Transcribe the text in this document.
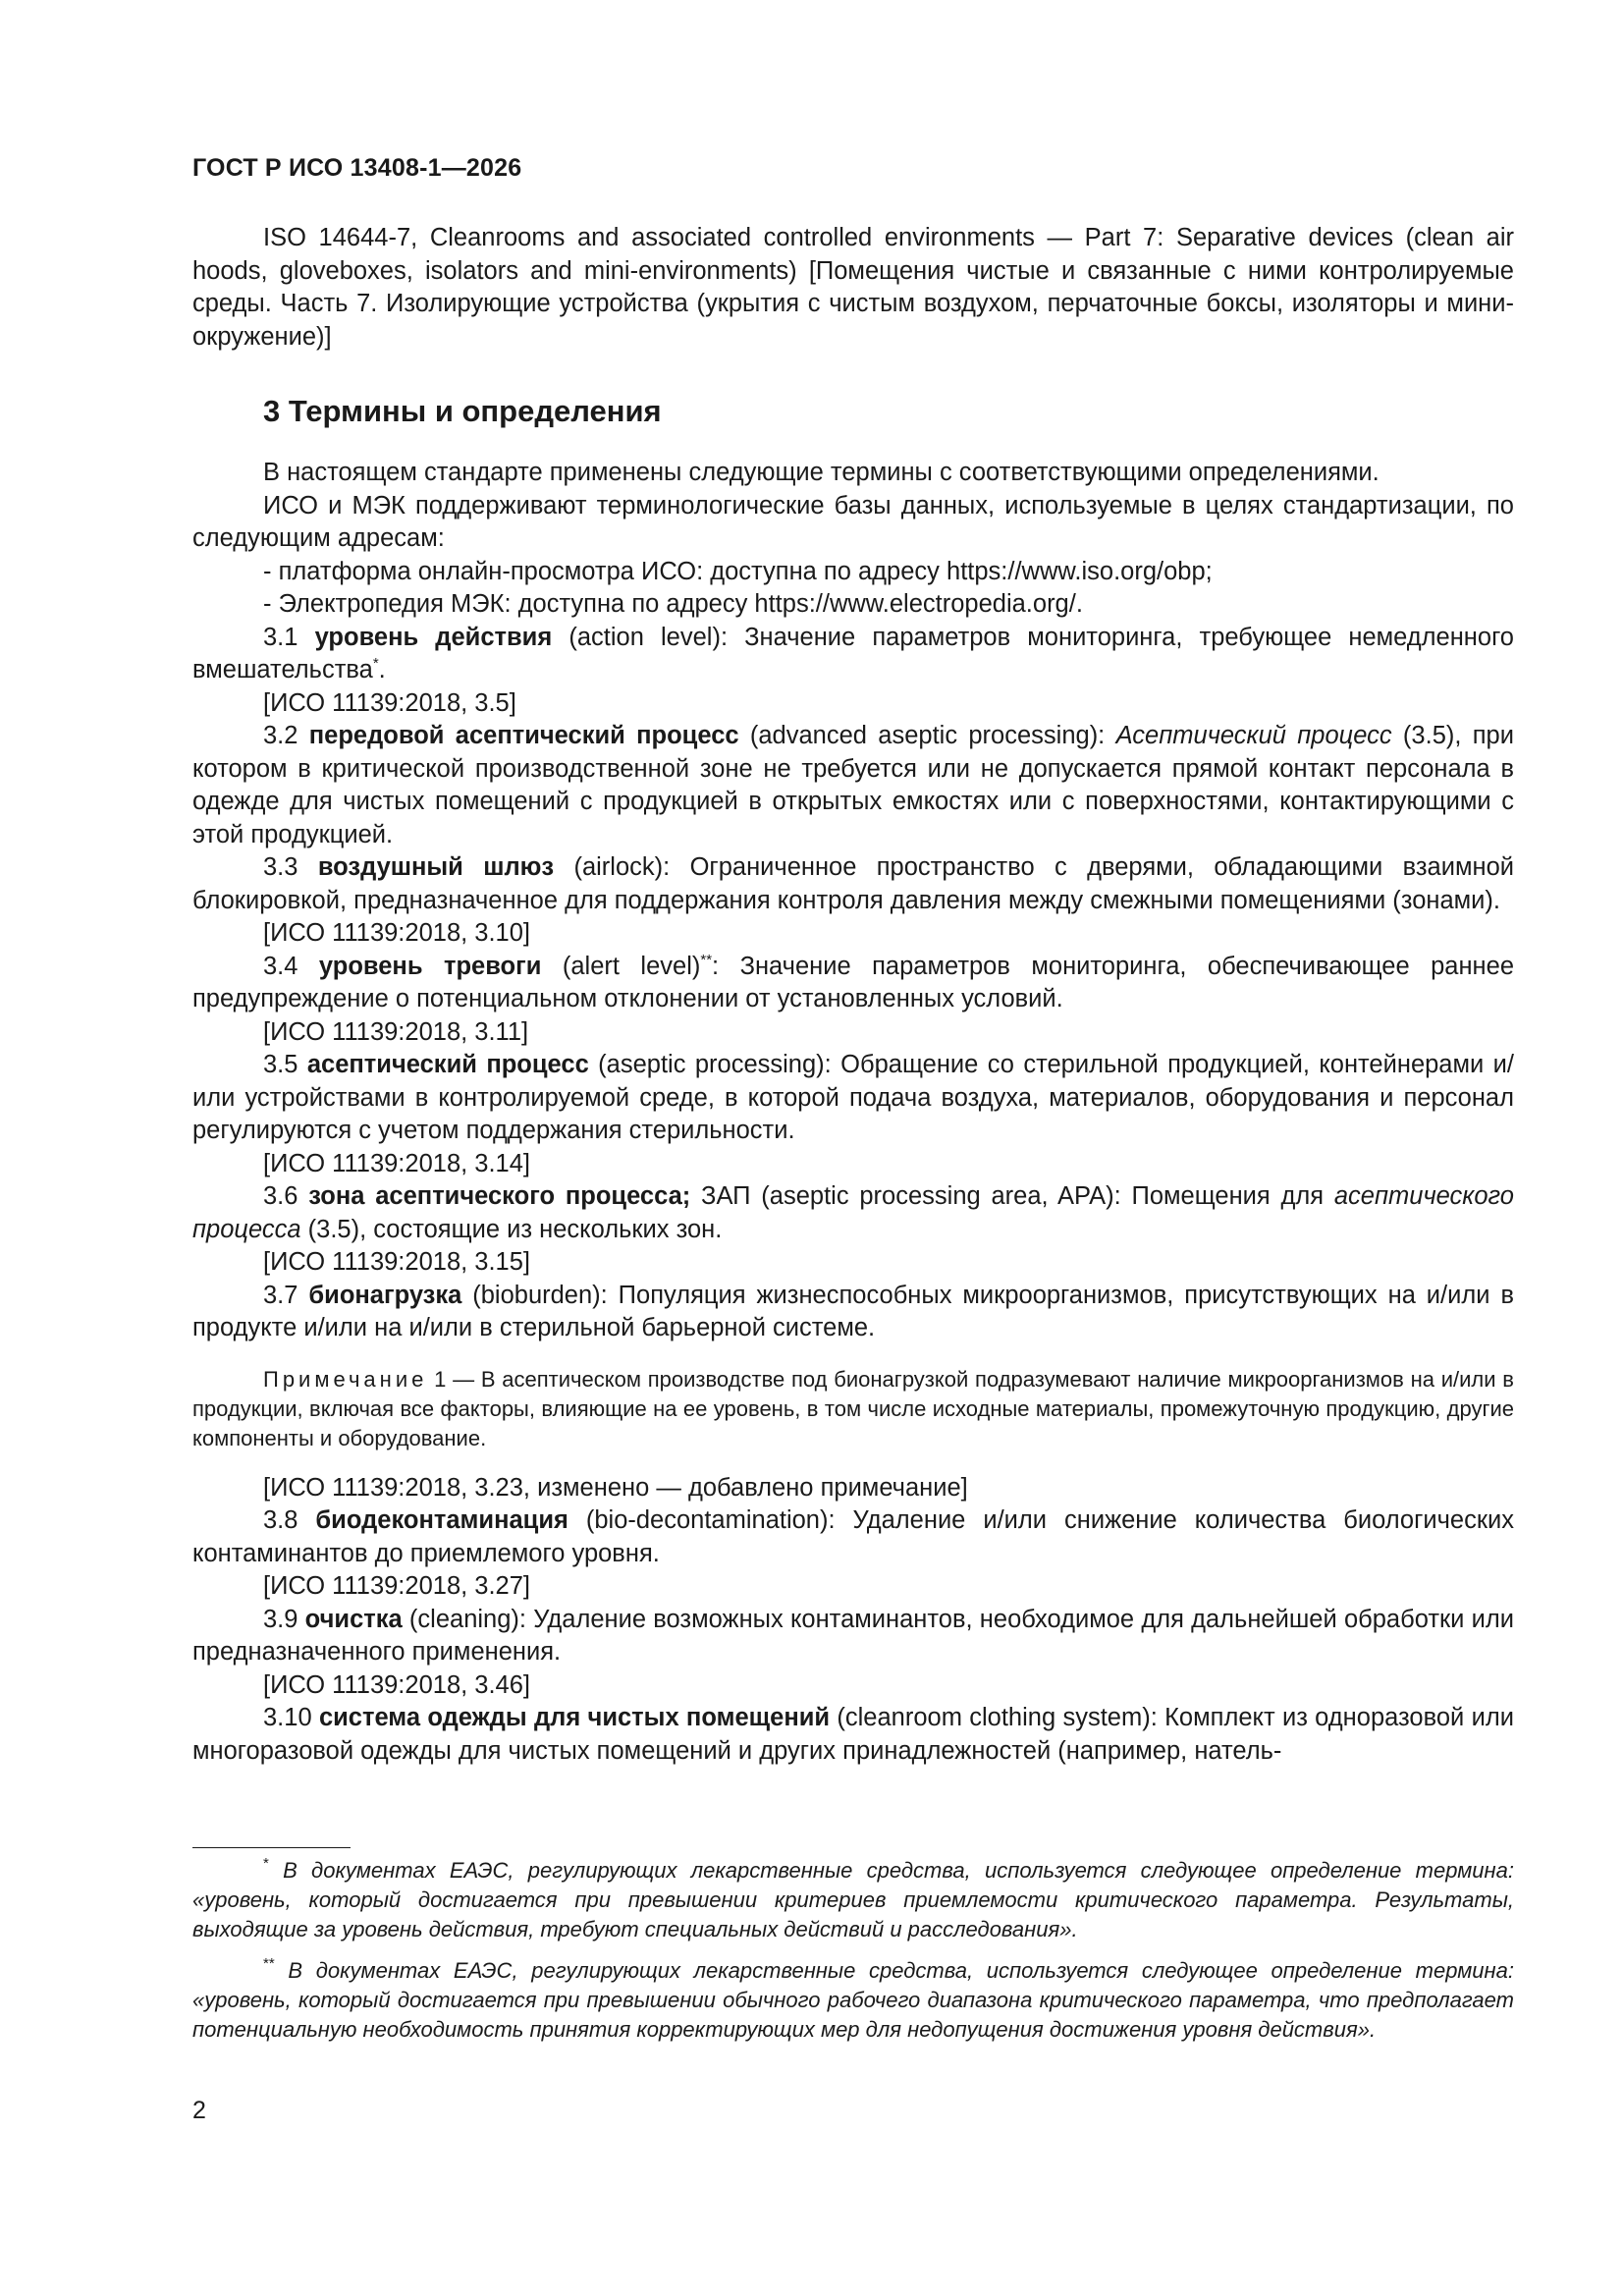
ГОСТ Р ИСО 13408-1—2026

ISO 14644-7, Cleanrooms and associated controlled environments — Part 7: Separative devices (clean air hoods, gloveboxes, isolators and mini-environments) [Помещения чистые и связанные с ними контролируемые среды. Часть 7. Изолирующие устройства (укрытия с чистым воздухом, перчаточные боксы, изоляторы и мини-окружение)]

3 Термины и определения

В настоящем стандарте применены следующие термины с соответствующими определениями.

ИСО и МЭК поддерживают терминологические базы данных, используемые в целях стандартизации, по следующим адресам:

- платформа онлайн-просмотра ИСО: доступна по адресу https://www.iso.org/obp;

- Электропедия МЭК: доступна по адресу https://www.electropedia.org/.

3.1 уровень действия (action level): Значение параметров мониторинга, требующее немедленного вмешательства*.

[ИСО 11139:2018, 3.5]

3.2 передовой асептический процесс (advanced aseptic processing): Асептический процесс (3.5), при котором в критической производственной зоне не требуется или не допускается прямой контакт персонала в одежде для чистых помещений с продукцией в открытых емкостях или с поверхностями, контактирующими с этой продукцией.

3.3 воздушный шлюз (airlock): Ограниченное пространство с дверями, обладающими взаимной блокировкой, предназначенное для поддержания контроля давления между смежными помещениями (зонами).

[ИСО 11139:2018, 3.10]

3.4 уровень тревоги (alert level)**: Значение параметров мониторинга, обеспечивающее раннее предупреждение о потенциальном отклонении от установленных условий.

[ИСО 11139:2018, 3.11]

3.5 асептический процесс (aseptic processing): Обращение со стерильной продукцией, контейнерами и/или устройствами в контролируемой среде, в которой подача воздуха, материалов, оборудования и персонал регулируются с учетом поддержания стерильности.

[ИСО 11139:2018, 3.14]

3.6 зона асептического процесса; ЗАП (aseptic processing area, APA): Помещения для асептического процесса (3.5), состоящие из нескольких зон.

[ИСО 11139:2018, 3.15]

3.7 бионагрузка (bioburden): Популяция жизнеспособных микроорганизмов, присутствующих на и/или в продукте и/или на и/или в стерильной барьерной системе.

Примечание 1 — В асептическом производстве под бионагрузкой подразумевают наличие микроорганизмов на и/или в продукции, включая все факторы, влияющие на ее уровень, в том числе исходные материалы, промежуточную продукцию, другие компоненты и оборудование.

[ИСО 11139:2018, 3.23, изменено — добавлено примечание]

3.8 биодеконтаминация (bio-decontamination): Удаление и/или снижение количества биологических контаминантов до приемлемого уровня.

[ИСО 11139:2018, 3.27]

3.9 очистка (cleaning): Удаление возможных контаминантов, необходимое для дальнейшей обработки или предназначенного применения.

[ИСО 11139:2018, 3.46]

3.10 система одежды для чистых помещений (cleanroom clothing system): Комплект из одноразовой или многоразовой одежды для чистых помещений и других принадлежностей (например, натель-

* В документах ЕАЭС, регулирующих лекарственные средства, используется следующее определение термина: «уровень, который достигается при превышении критериев приемлемости критического параметра. Результаты, выходящие за уровень действия, требуют специальных действий и расследования».

** В документах ЕАЭС, регулирующих лекарственные средства, используется следующее определение термина: «уровень, который достигается при превышении обычного рабочего диапазона критического параметра, что предполагает потенциальную необходимость принятия корректирующих мер для недопущения достижения уровня действия».

2
